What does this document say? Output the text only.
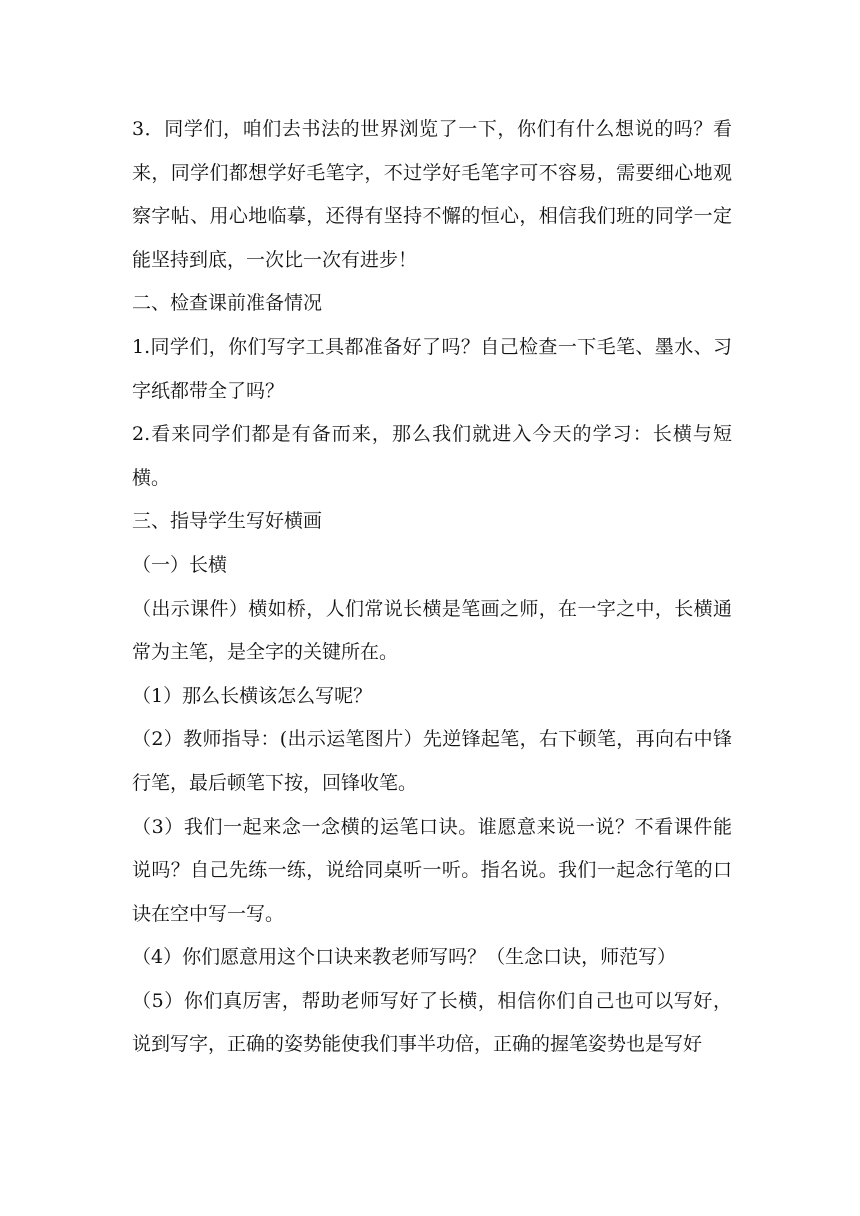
3．同学们，咱们去书法的世界浏览了一下，你们有什么想说的吗？看来，同学们都想学好毛笔字，不过学好毛笔字可不容易，需要细心地观察字帖、用心地临摹，还得有坚持不懈的恒心，相信我们班的同学一定能坚持到底，一次比一次有进步！

二、检查课前准备情况

1.同学们，你们写字工具都准备好了吗？自己检查一下毛笔、墨水、习字纸都带全了吗？

2.看来同学们都是有备而来，那么我们就进入今天的学习：长横与短横。

三、指导学生写好横画

（一）长横

（出示课件）横如桥，人们常说长横是笔画之师，在一字之中，长横通常为主笔，是全字的关键所在。

（1）那么长横该怎么写呢？

（2）教师指导：(出示运笔图片）先逆锋起笔，右下顿笔，再向右中锋行笔，最后顿笔下按，回锋收笔。

（3）我们一起来念一念横的运笔口诀。谁愿意来说一说？不看课件能说吗？自己先练一练，说给同桌听一听。指名说。我们一起念行笔的口诀在空中写一写。

（4）你们愿意用这个口诀来教老师写吗？（生念口诀，师范写）

（5）你们真厉害，帮助老师写好了长横，相信你们自己也可以写好，说到写字，正确的姿势能使我们事半功倍，正确的握笔姿势也是写好
